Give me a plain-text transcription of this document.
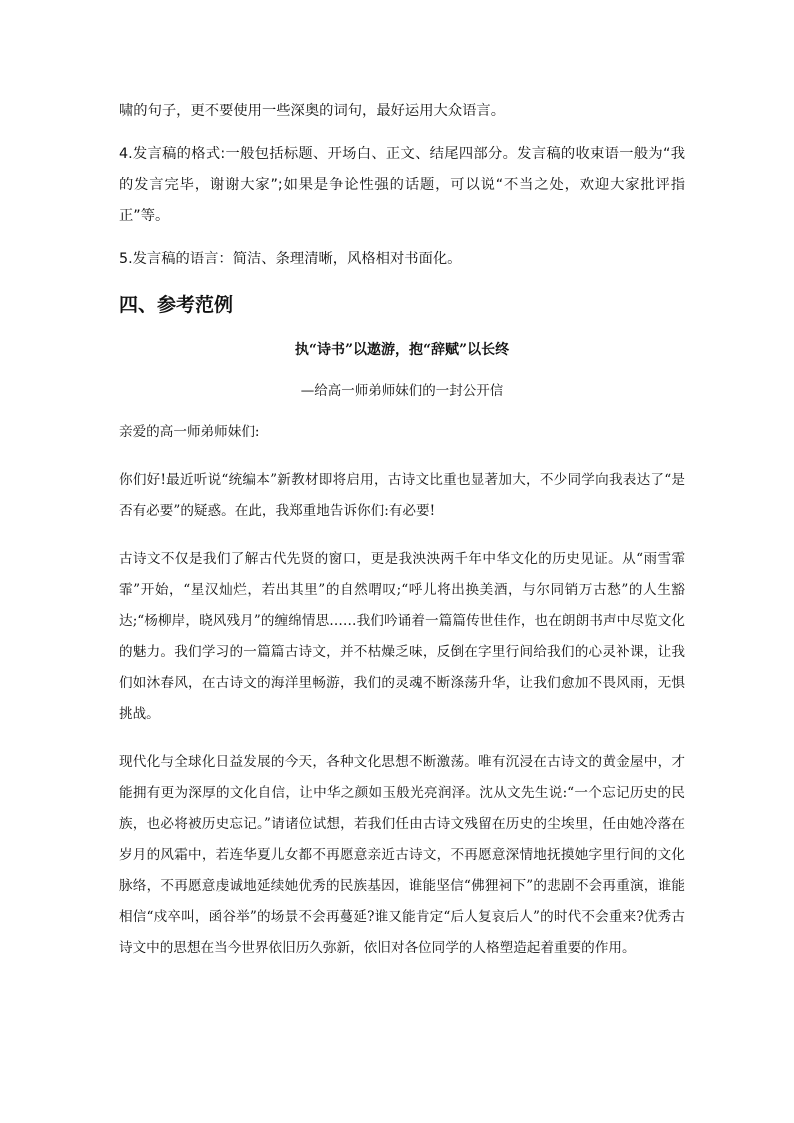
啸的句子，更不要使用一些深奥的词句，最好运用大众语言。

4.发言稿的格式:一般包括标题、开场白、正文、结尾四部分。发言稿的收束语一般为“我的发言完毕，谢谢大家”;如果是争论性强的话题，可以说“不当之处，欢迎大家批评指正”等。

5.发言稿的语言：简洁、条理清晰，风格相对书面化。

四、参考范例

执“诗书”以遨游，抱“辞赋”以长终

—给高一师弟师妹们的一封公开信

亲爱的高一师弟师妹们:

你们好!最近听说“统编本”新教材即将启用，古诗文比重也显著加大，不少同学向我表达了“是否有必要”的疑惑。在此，我郑重地告诉你们:有必要!

古诗文不仅是我们了解古代先贤的窗口，更是我泱泱两千年中华文化的历史见证。从“雨雪霏霏”开始，“星汉灿烂，若出其里”的自然喟叹;“呼儿将出换美酒，与尔同销万古愁”的人生豁达;“杨柳岸，晓风残月”的缠绵情思……我们吟诵着一篇篇传世佳作，也在朗朗书声中尽览文化的魅力。我们学习的一篇篇古诗文，并不枯燥乏味，反倒在字里行间给我们的心灵补课，让我们如沐春风，在古诗文的海洋里畅游，我们的灵魂不断涤荡升华，让我们愈加不畏风雨，无惧挑战。

现代化与全球化日益发展的今天，各种文化思想不断激荡。唯有沉浸在古诗文的黄金屋中，才能拥有更为深厚的文化自信，让中华之颜如玉般光亮润泽。沈从文先生说:“一个忘记历史的民族，也必将被历史忘记。”请诸位试想，若我们任由古诗文残留在历史的尘埃里，任由她冷落在岁月的风霜中，若连华夏儿女都不再愿意亲近古诗文，不再愿意深情地抚摸她字里行间的文化脉络，不再愿意虔诚地延续她优秀的民族基因，谁能坚信“佛狸祠下”的悲剧不会再重演，谁能相信“戍卒叫，函谷举”的场景不会再蔓延?谁又能肯定“后人复哀后人”的时代不会重来?优秀古诗文中的思想在当今世界依旧历久弥新，依旧对各位同学的人格塑造起着重要的作用。
